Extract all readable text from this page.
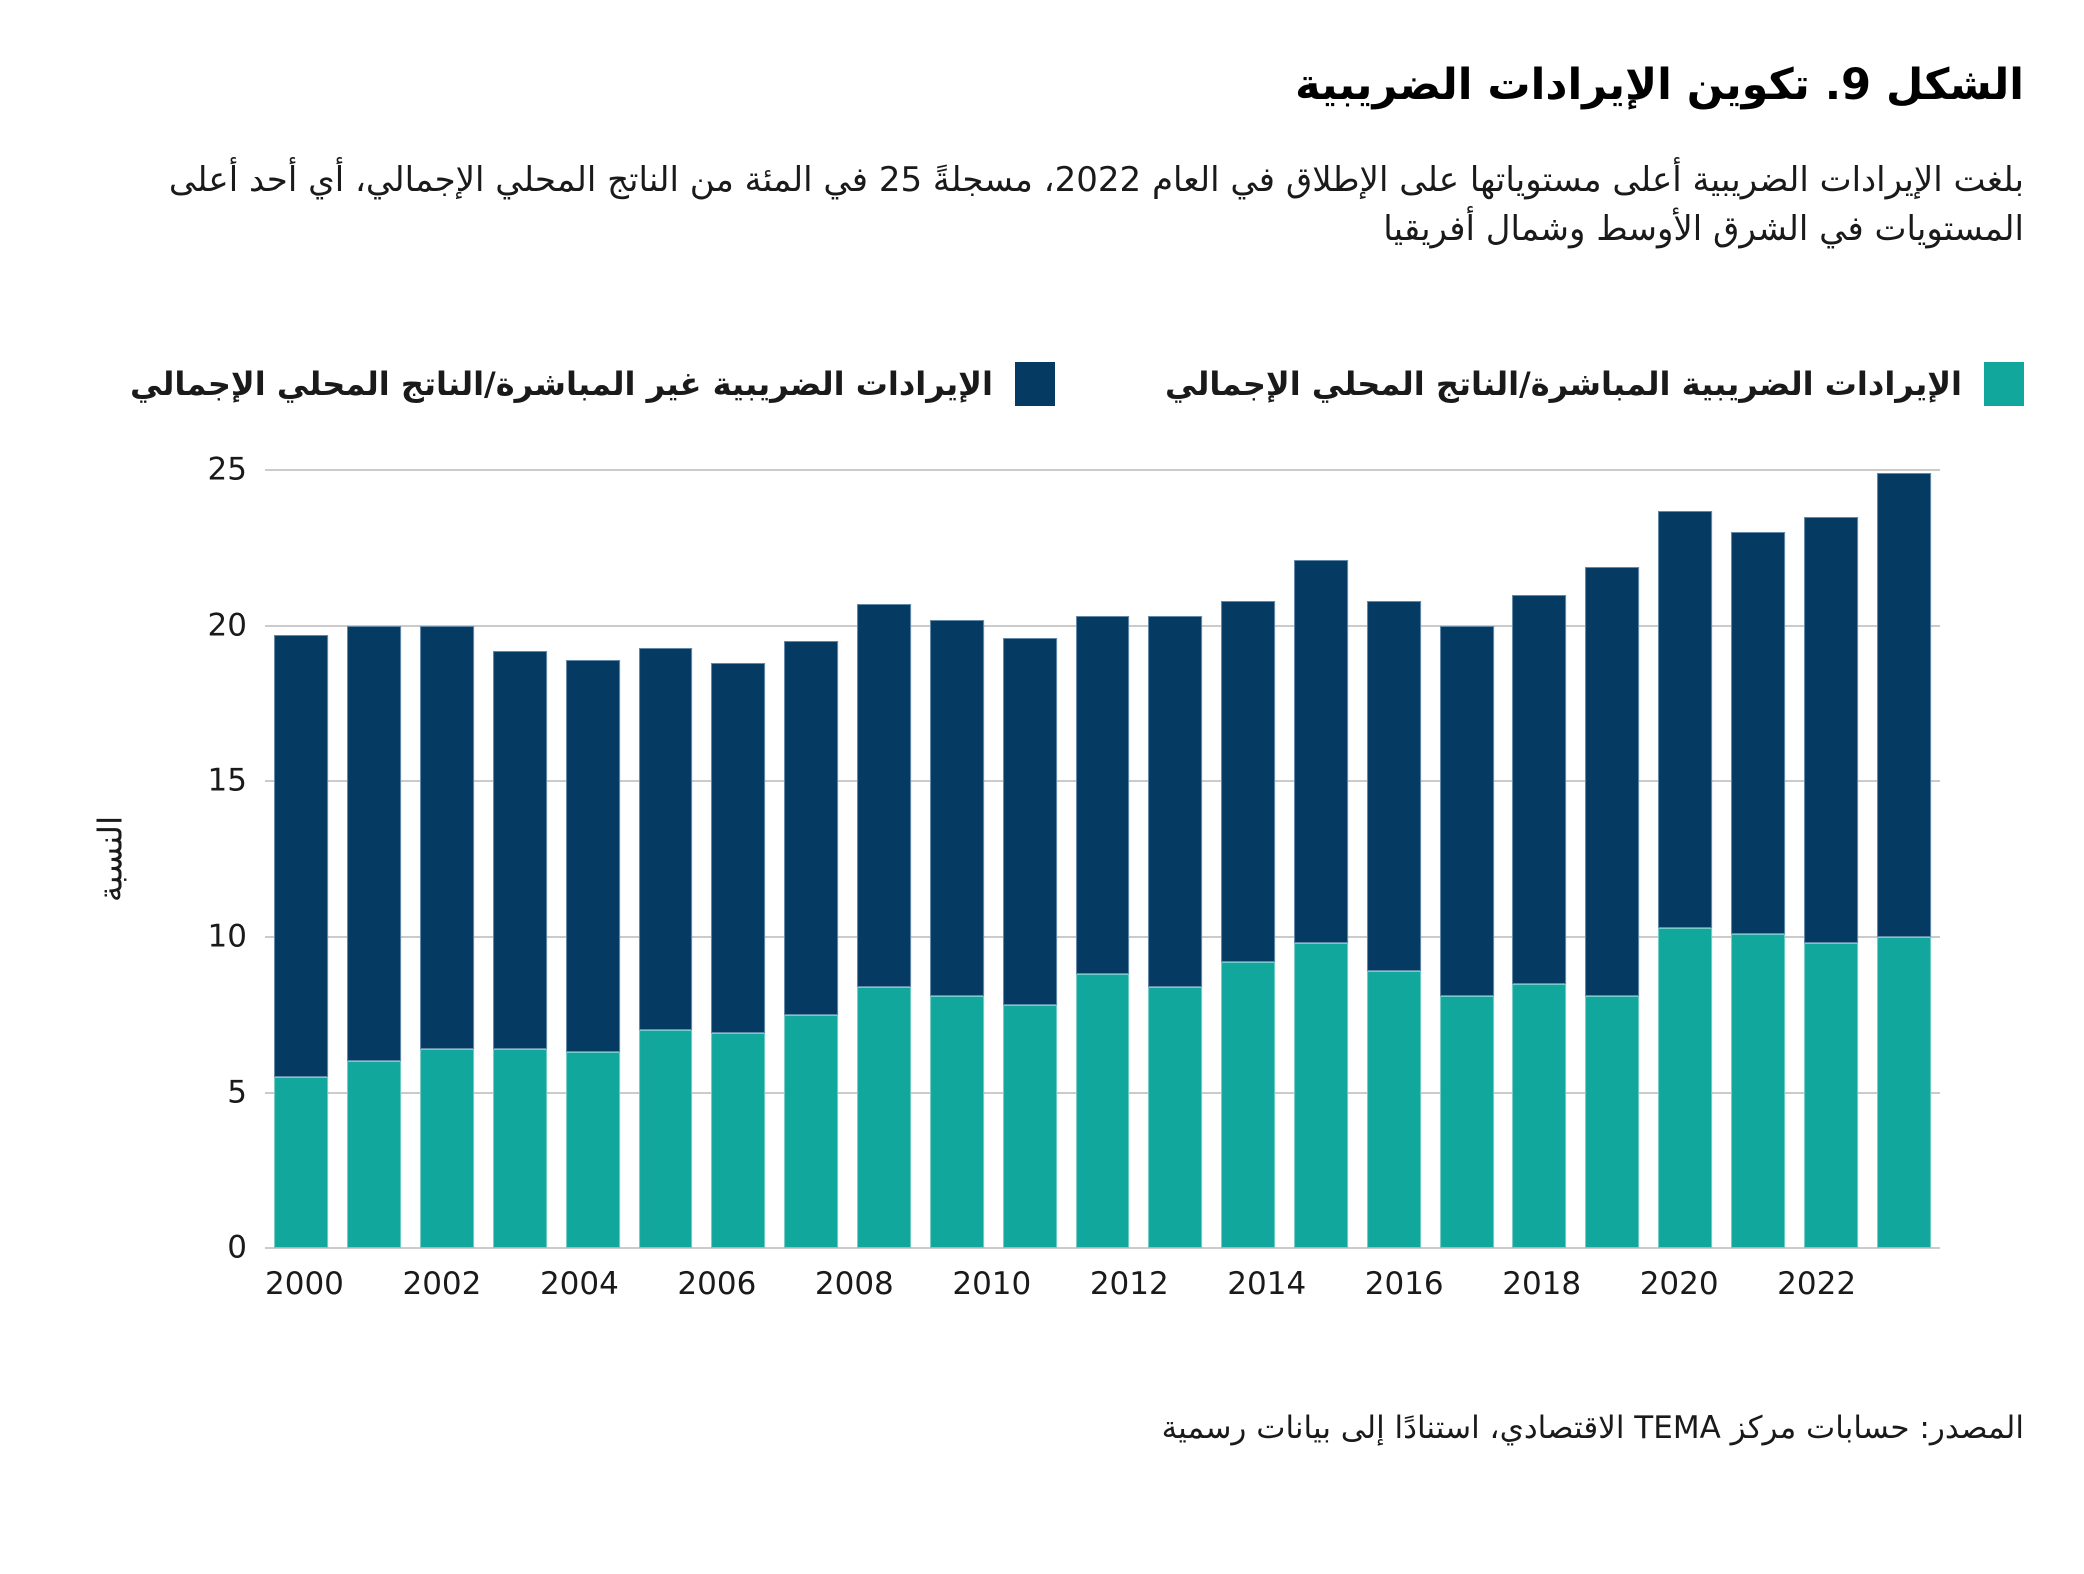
الشكل 9. تكوين الإيرادات الضريبية

بلغت الإيرادات الضريبية أعلى مستوياتها على الإطلاق في العام 2022، مسجلةً 25 في المئة من الناتج المحلي الإجمالي، أي أحد أعلى المستويات في الشرق الأوسط وشمال أفريقيا

الإيرادات الضريبية المباشرة/الناتج المحلي الإجمالي
الإيرادات الضريبية غير المباشرة/الناتج المحلي الإجمالي
النسبة
0
5
10
15
20
25
2000 2002 2004 2006 2008 2010 2012 2014 2016 2018 2020 2022

المصدر: حسابات مركز TEMA الاقتصادي، استنادًا إلى بيانات رسمية
